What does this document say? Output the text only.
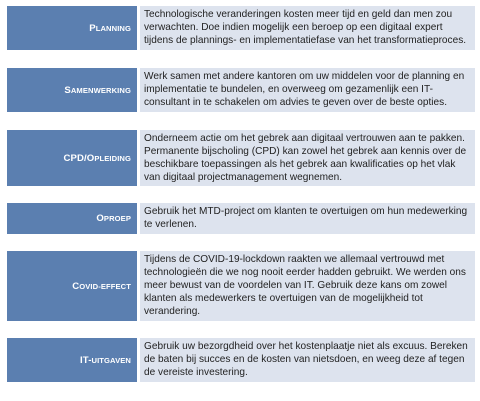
P LANNING
Technologische veranderingen kosten meer tijd en geld dan men zou verwachten. Doe indien mogelijk een beroep op een digitaal expert tijdens de plannings- en implementatiefase van het transformatieproces.
S AMENWERKING
Werk samen met andere kantoren om uw middelen voor de planning en implementatie te bundelen, en overweeg om gezamenlijk een IT-consultant in te schakelen om advies te geven over de beste opties.
CPD/O PLEIDING
Onderneem actie om het gebrek aan digitaal vertrouwen aan te pakken. Permanente bijscholing (CPD) kan zowel het gebrek aan kennis over de beschikbare toepassingen als het gebrek aan kwalificaties op het vlak van digitaal projectmanagement wegnemen.
O PROEP
Gebruik het MTD-project om klanten te overtuigen om hun medewerking te verlenen.
C OVID-EFFECT
Tijdens de COVID-19-lockdown raakten we allemaal vertrouwd met technologieën die we nog nooit eerder hadden gebruikt. We werden ons meer bewust van de voordelen van IT. Gebruik deze kans om zowel klanten als medewerkers te overtuigen van de mogelijkheid tot verandering.
IT- UITGAVEN
Gebruik uw bezorgdheid over het kostenplaatje niet als excuus. Bereken de baten bij succes en de kosten van nietsdoen, en weeg deze af tegen de vereiste investering.
